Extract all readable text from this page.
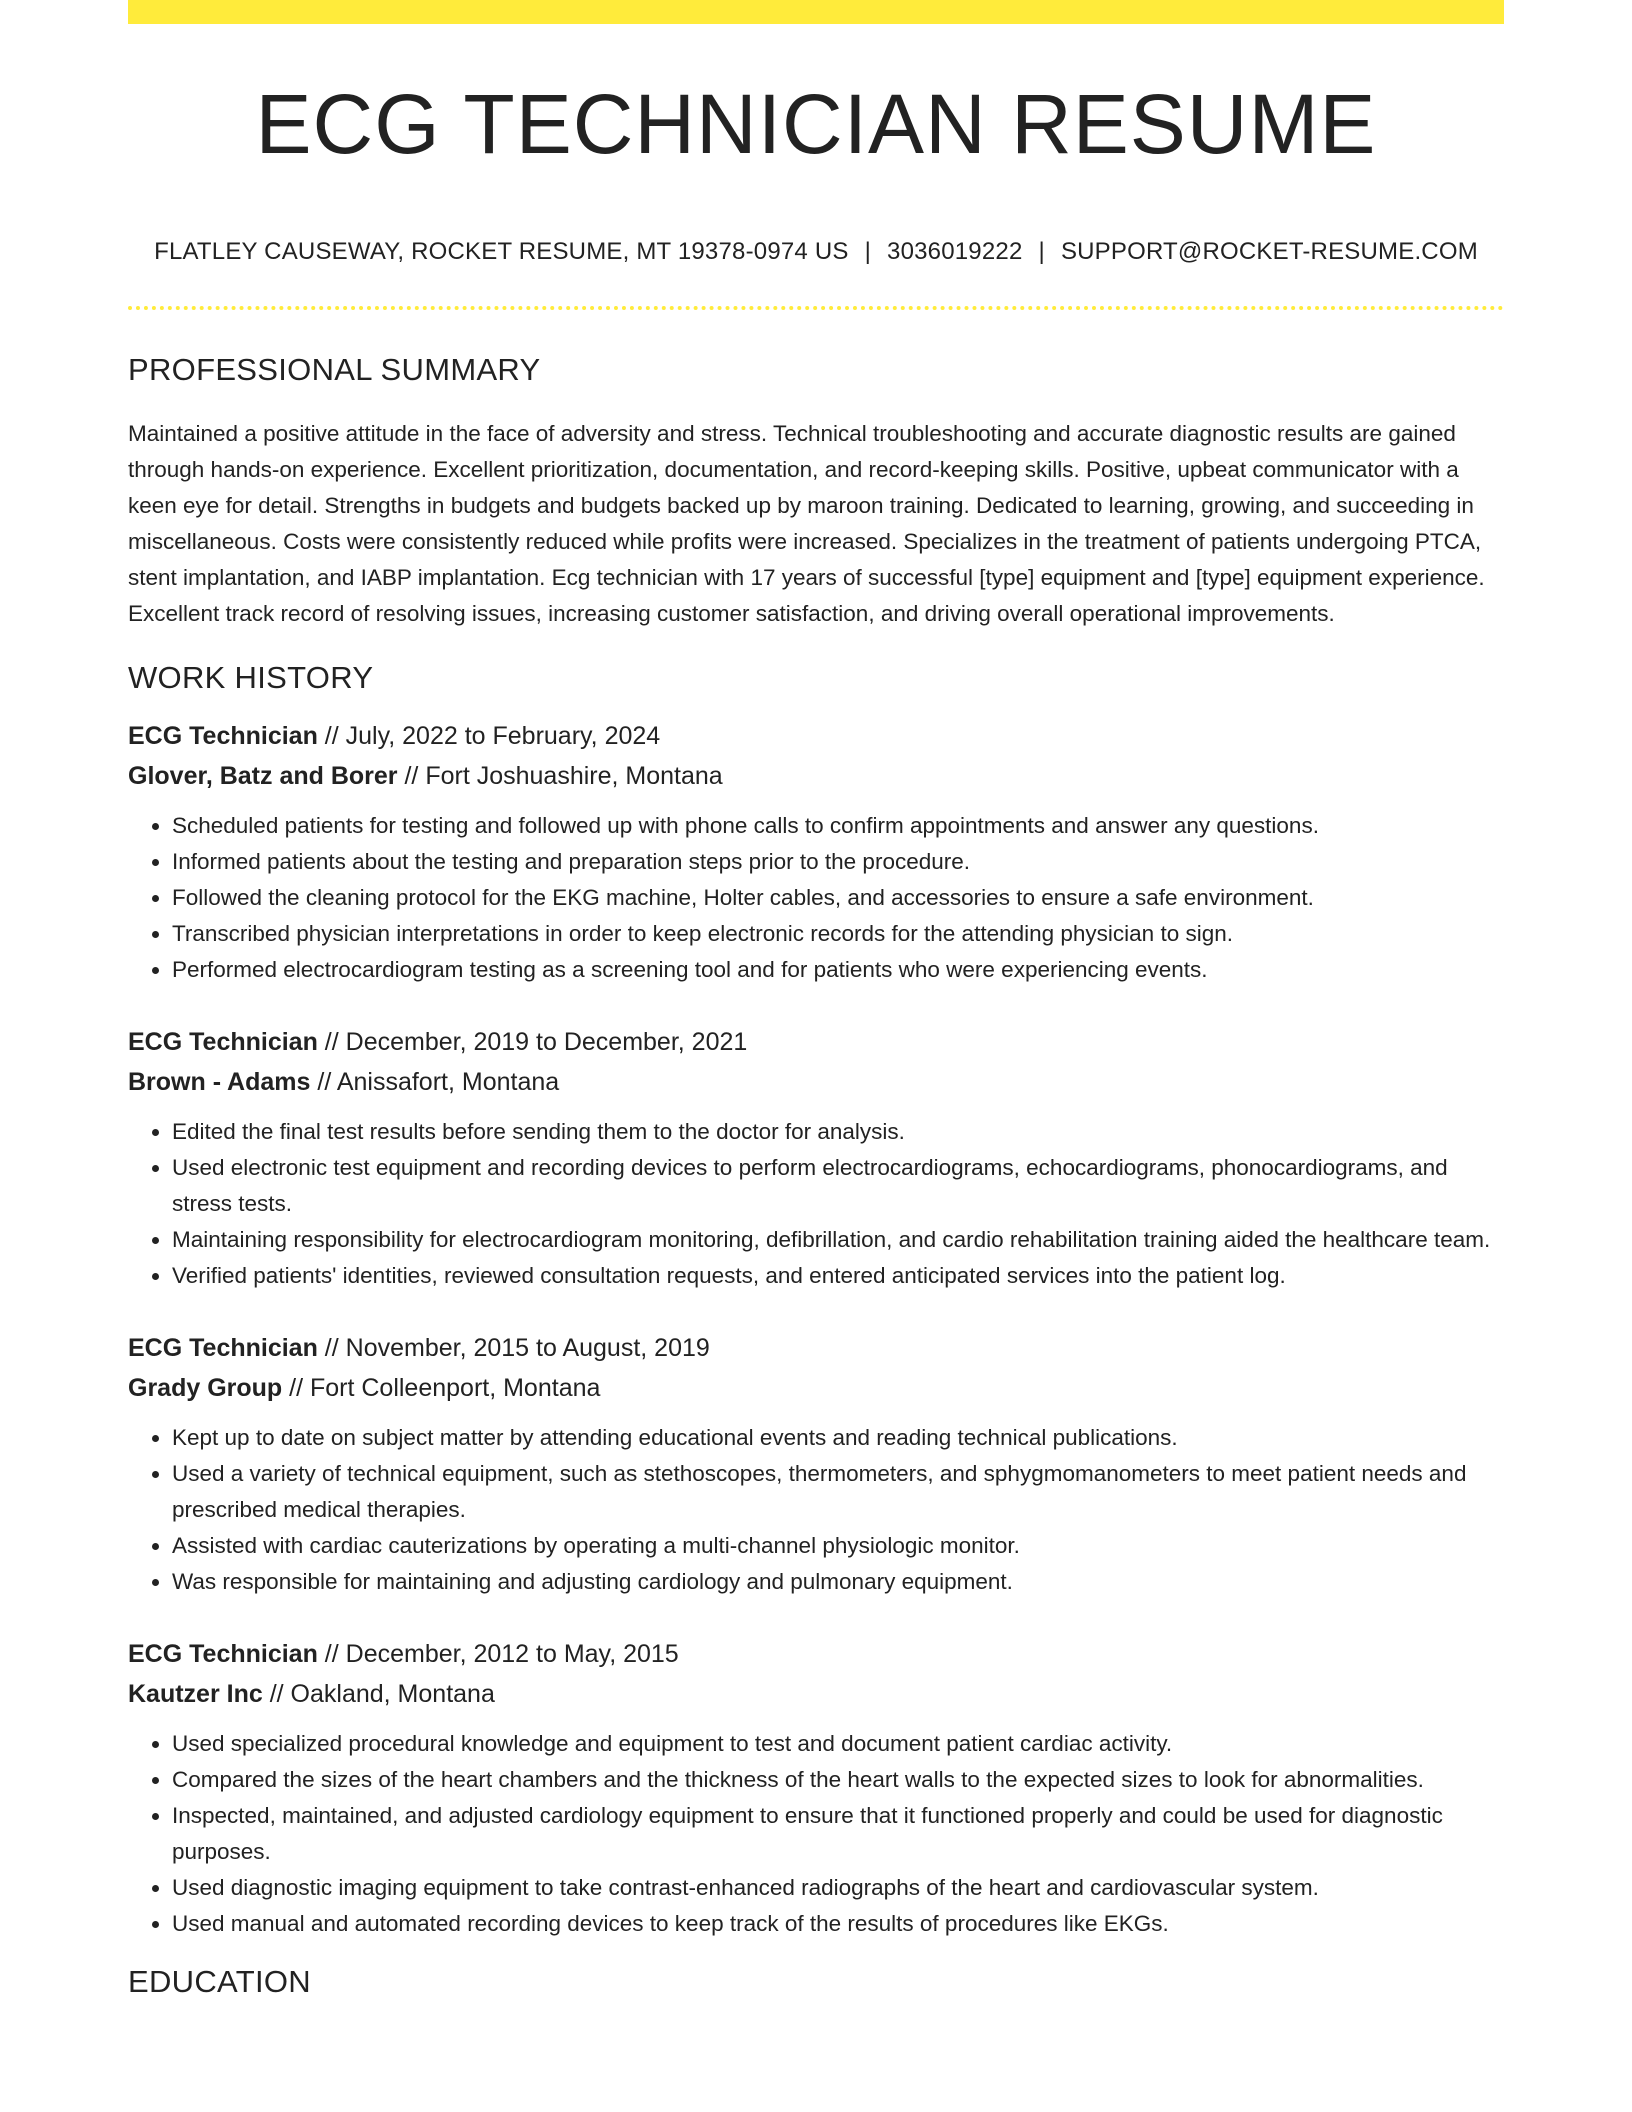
ECG TECHNICIAN RESUME
FLATLEY CAUSEWAY, ROCKET RESUME, MT 19378-0974 US | 3036019222 | SUPPORT@ROCKET-RESUME.COM
PROFESSIONAL SUMMARY

Maintained a positive attitude in the face of adversity and stress. Technical troubleshooting and accurate diagnostic results are gained through hands-on experience. Excellent prioritization, documentation, and record-keeping skills. Positive, upbeat communicator with a keen eye for detail. Strengths in budgets and budgets backed up by maroon training. Dedicated to learning, growing, and succeeding in miscellaneous. Costs were consistently reduced while profits were increased. Specializes in the treatment of patients undergoing PTCA, stent implantation, and IABP implantation. Ecg technician with 17 years of successful [type] equipment and [type] equipment experience. Excellent track record of resolving issues, increasing customer satisfaction, and driving overall operational improvements.

WORK HISTORY
ECG Technician // July, 2022 to February, 2024
Glover, Batz and Borer // Fort Joshuashire, Montana
• Scheduled patients for testing and followed up with phone calls to confirm appointments and answer any questions.
• Informed patients about the testing and preparation steps prior to the procedure.
• Followed the cleaning protocol for the EKG machine, Holter cables, and accessories to ensure a safe environment.
• Transcribed physician interpretations in order to keep electronic records for the attending physician to sign.
• Performed electrocardiogram testing as a screening tool and for patients who were experiencing events.
ECG Technician // December, 2019 to December, 2021
Brown - Adams // Anissafort, Montana
• Edited the final test results before sending them to the doctor for analysis.
• Used electronic test equipment and recording devices to perform electrocardiograms, echocardiograms, phonocardiograms, and stress tests.
• Maintaining responsibility for electrocardiogram monitoring, defibrillation, and cardio rehabilitation training aided the healthcare team.
• Verified patients' identities, reviewed consultation requests, and entered anticipated services into the patient log.
ECG Technician // November, 2015 to August, 2019
Grady Group // Fort Colleenport, Montana
• Kept up to date on subject matter by attending educational events and reading technical publications.
• Used a variety of technical equipment, such as stethoscopes, thermometers, and sphygmomanometers to meet patient needs and prescribed medical therapies.
• Assisted with cardiac cauterizations by operating a multi-channel physiologic monitor.
• Was responsible for maintaining and adjusting cardiology and pulmonary equipment.
ECG Technician // December, 2012 to May, 2015
Kautzer Inc // Oakland, Montana
• Used specialized procedural knowledge and equipment to test and document patient cardiac activity.
• Compared the sizes of the heart chambers and the thickness of the heart walls to the expected sizes to look for abnormalities.
• Inspected, maintained, and adjusted cardiology equipment to ensure that it functioned properly and could be used for diagnostic purposes.
• Used diagnostic imaging equipment to take contrast-enhanced radiographs of the heart and cardiovascular system.
• Used manual and automated recording devices to keep track of the results of procedures like EKGs.
EDUCATION
